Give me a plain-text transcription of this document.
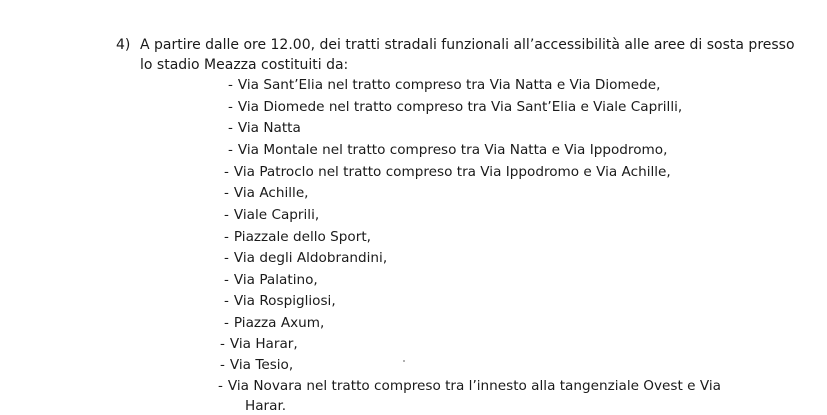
4) A partire dalle ore 12.00, dei tratti stradali funzionali all’accessibilità alle aree di sosta presso
lo stadio Meazza costituiti da:
- Via Sant’Elia nel tratto compreso tra Via Natta e Via Diomede,
- Via Diomede nel tratto compreso tra Via Sant’Elia e Viale Caprilli,
- Via Natta
- Via Montale nel tratto compreso tra Via Natta e Via Ippodromo,
- Via Patroclo nel tratto compreso tra Via Ippodromo e Via Achille,
- Via Achille,
- Viale Caprili,
- Piazzale dello Sport,
- Via degli Aldobrandini,
- Via Palatino,
- Via Rospigliosi,
- Piazza Axum,
- Via Harar,
- Via Tesio,
- Via Novara nel tratto compreso tra l’innesto alla tangenziale Ovest e Via
Harar.
